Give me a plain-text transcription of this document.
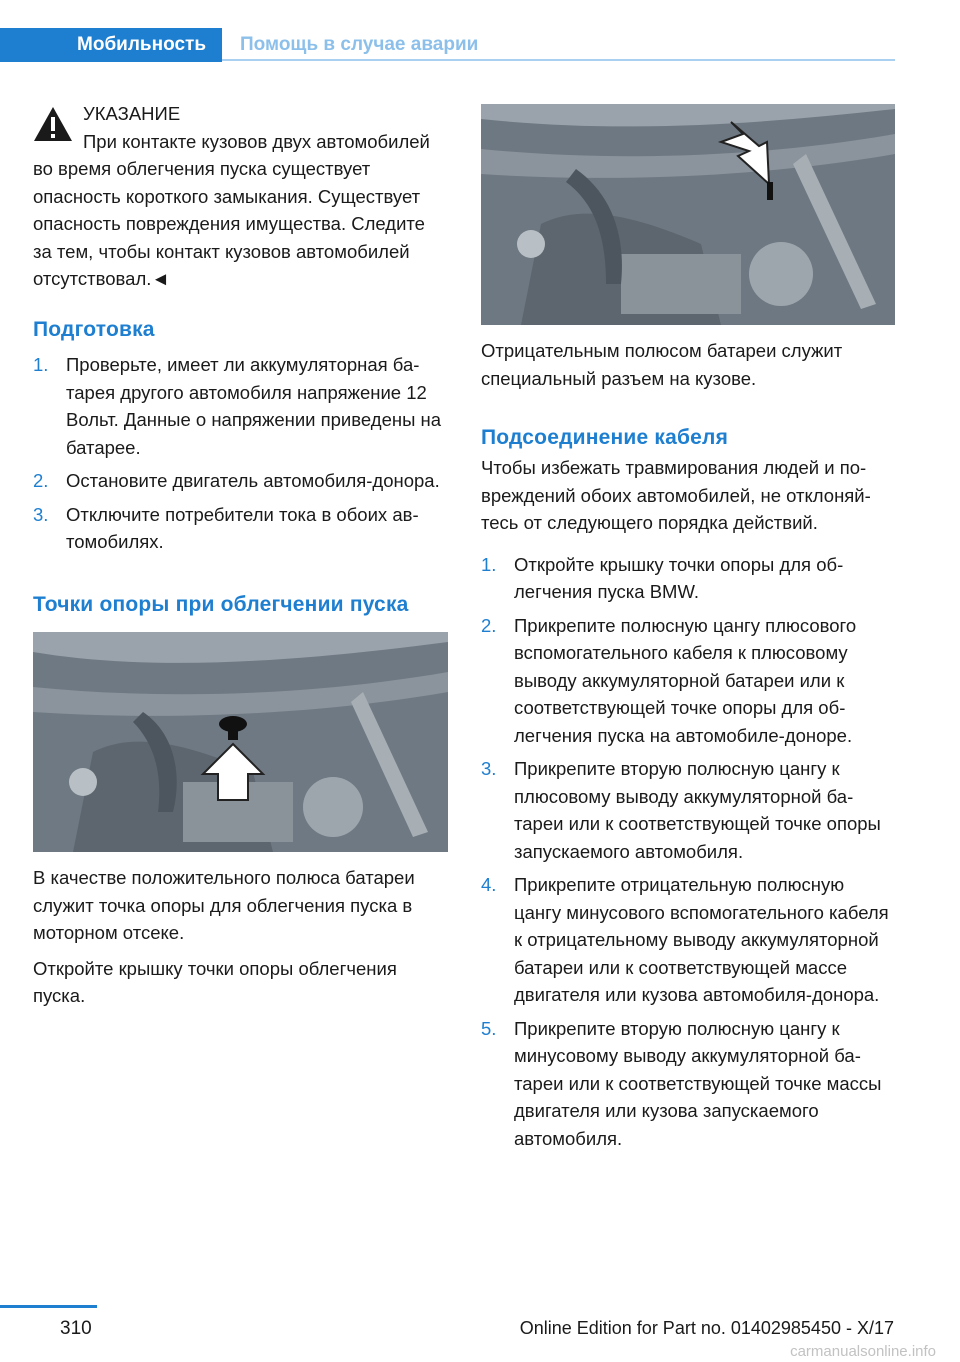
Мобильность Помощь в случае аварии
УКАЗАНИЕ
При контакте кузовов двух автомобилей во время облегчения пуска существует опасность короткого замыкания. Существует опасность повреждения имущества. Следите за тем, чтобы контакт кузовов автомобилей отсутствовал.◄
Подготовка
1. Проверьте, имеет ли аккумуляторная батарея другого автомобиля напряжение 12 Вольт. Данные о напряжении приведены на батарее.
2. Остановите двигатель автомобиля-донора.
3. Отключите потребители тока в обоих автомобилях.
Точки опоры при облегчении пуска

В качестве положительного полюса батареи служит точка опоры для облегчения пуска в моторном отсеке.

Откройте крышку точки опоры облегчения пуска.

Отрицательным полюсом батареи служит специальный разъем на кузове.

Подсоединение кабеля

Чтобы избежать травмирования людей и повреждений обоих автомобилей, не отклоняйтесь от следующего порядка действий.

1. Откройте крышку точки опоры для облегчения пуска BMW.
2. Прикрепите полюсную цангу плюсового вспомогательного кабеля к плюсовому выводу аккумуляторной батареи или к соответствующей точке опоры для облегчения пуска на автомобиле-доноре.
3. Прикрепите вторую полюсную цангу к плюсовому выводу аккумуляторной батареи или к соответствующей точке опоры запускаемого автомобиля.
4. Прикрепите отрицательную полюсную цангу минусового вспомогательного кабеля к отрицательному выводу аккумуляторной батареи или к соответствующей массе двигателя или кузова автомобиля-донора.
5. Прикрепите вторую полюсную цангу к минусовому выводу аккумуляторной батареи или к соответствующей точке массы двигателя или кузова запускаемого автомобиля.
310	Online Edition for Part no. 01402985450 - X/17
carmanualsonline.info
